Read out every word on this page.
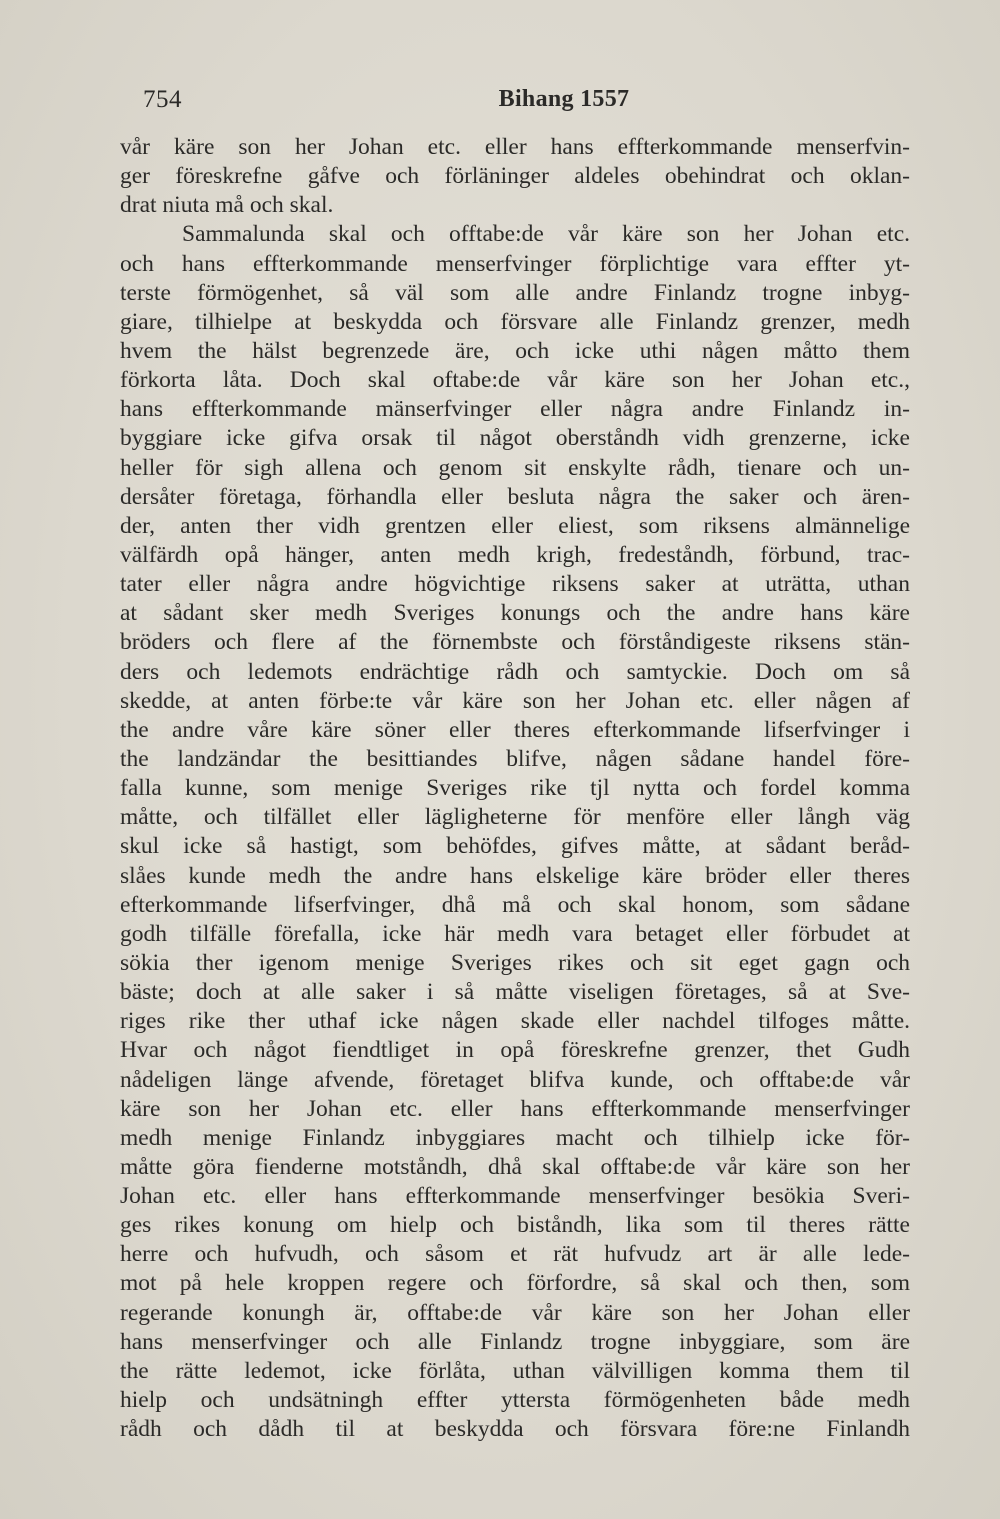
754	Bihang 1557
vår käre son her Johan etc. eller hans effterkommande menserfvin-
ger föreskrefne gåfve och förläninger aldeles obehindrat och oklan-
drat niuta må och skal.
Sammalunda skal och offtabe:de vår käre son her Johan etc.
och hans effterkommande menserfvinger förplichtige vara effter yt-
terste förmögenhet, så väl som alle andre Finlandz trogne inbyg-
giare, tilhielpe at beskydda och försvare alle Finlandz grenzer, medh
hvem the hälst begrenzede äre, och icke uthi någen måtto them
förkorta låta. Doch skal oftabe:de vår käre son her Johan etc.,
hans effterkommande mänserfvinger eller några andre Finlandz in-
byggiare icke gifva orsak til något oberståndh vidh grenzerne, icke
heller för sigh allena och genom sit enskylte rådh, tienare och un-
dersåter företaga, förhandla eller besluta några the saker och ären-
der, anten ther vidh grentzen eller eliest, som riksens almännelige
välfärdh opå hänger, anten medh krigh, fredeståndh, förbund, trac-
tater eller några andre högvichtige riksens saker at uträtta, uthan
at sådant sker medh Sveriges konungs och the andre hans käre
bröders och flere af the förnembste och förståndigeste riksens stän-
ders och ledemots endrächtige rådh och samtyckie. Doch om så
skedde, at anten förbe:te vår käre son her Johan etc. eller någen af
the andre våre käre söner eller theres efterkommande lifserfvinger i
the landzändar the besittiandes blifve, någen sådane handel före-
falla kunne, som menige Sveriges rike tjl nytta och fordel komma
måtte, och tilfället eller lägligheterne för menföre eller långh väg
skul icke så hastigt, som behöfdes, gifves måtte, at sådant beråd-
slåes kunde medh the andre hans elskelige käre bröder eller theres
efterkommande lifserfvinger, dhå må och skal honom, som sådane
godh tilfälle förefalla, icke här medh vara betaget eller förbudet at
sökia ther igenom menige Sveriges rikes och sit eget gagn och
bäste; doch at alle saker i så måtte viseligen företages, så at Sve-
riges rike ther uthaf icke någen skade eller nachdel tilfoges måtte.
Hvar och något fiendtliget in opå föreskrefne grenzer, thet Gudh
nådeligen länge afvende, företaget blifva kunde, och offtabe:de vår
käre son her Johan etc. eller hans effterkommande menserfvinger
medh menige Finlandz inbyggiares macht och tilhielp icke för-
måtte göra fienderne motståndh, dhå skal offtabe:de vår käre son her
Johan etc. eller hans effterkommande menserfvinger besökia Sveri-
ges rikes konung om hielp och biståndh, lika som til theres rätte
herre och hufvudh, och såsom et rät hufvudz art är alle lede-
mot på hele kroppen regere och förfordre, så skal och then, som
regerande konungh är, offtabe:de vår käre son her Johan eller
hans menserfvinger och alle Finlandz trogne inbyggiare, som äre
the rätte ledemot, icke förlåta, uthan välvilligen komma them til
hielp och undsätningh effter yttersta förmögenheten både medh
rådh och dådh til at beskydda och försvara före:ne Finlandh
